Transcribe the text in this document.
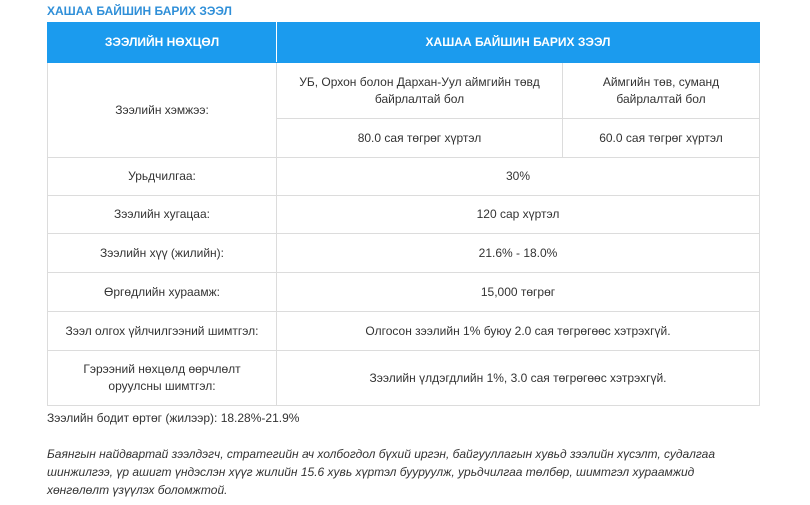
ХАШАА БАЙШИН БАРИХ ЗЭЭЛ
ЗЭЭЛИЙН НӨХЦӨЛ	ХАШАА БАЙШИН БАРИХ ЗЭЭЛ	
Зээлийн хэмжээ:	УБ, Орхон болон Дархан-Уул аймгийн төвд байрлалтай бол	Аймгийн төв, суманд байрлалтай бол
	80.0 сая төгрөг хүртэл	60.0 сая төгрөг хүртэл
Урьдчилгаа:	30%	
Зээлийн хугацаа:	120 сар хүртэл	
Зээлийн хүү (жилийн):	21.6% - 18.0%	
Өргөдлийн хураамж:	15,000 төгрөг	
Зээл олгох үйлчилгээний шимтгэл:	Олгосон зээлийн 1% буюу 2.0 сая төгрөгөөс хэтрэхгүй.	
Гэрээний нөхцөлд өөрчлөлт оруулсны шимтгэл:	Зээлийн үлдэгдлийн 1%, 3.0 сая төгрөгөөс хэтрэхгүй.	
Зээлийн бодит өртөг (жилээр): 18.28%-21.9%
Баянгын найдвартай зээлдэгч, стратегийн ач холбогдол бүхий иргэн, байгууллагын хувьд зээлийн хүсэлт, судалгаа шинжилгээ, үр ашигт үндэслэн хүүг жилийн 15.6 хувь хүртэл бууруулж, урьдчилгаа төлбөр, шимтгэл хураамжид хөнгөлөлт үзүүлэх боломжтой.
